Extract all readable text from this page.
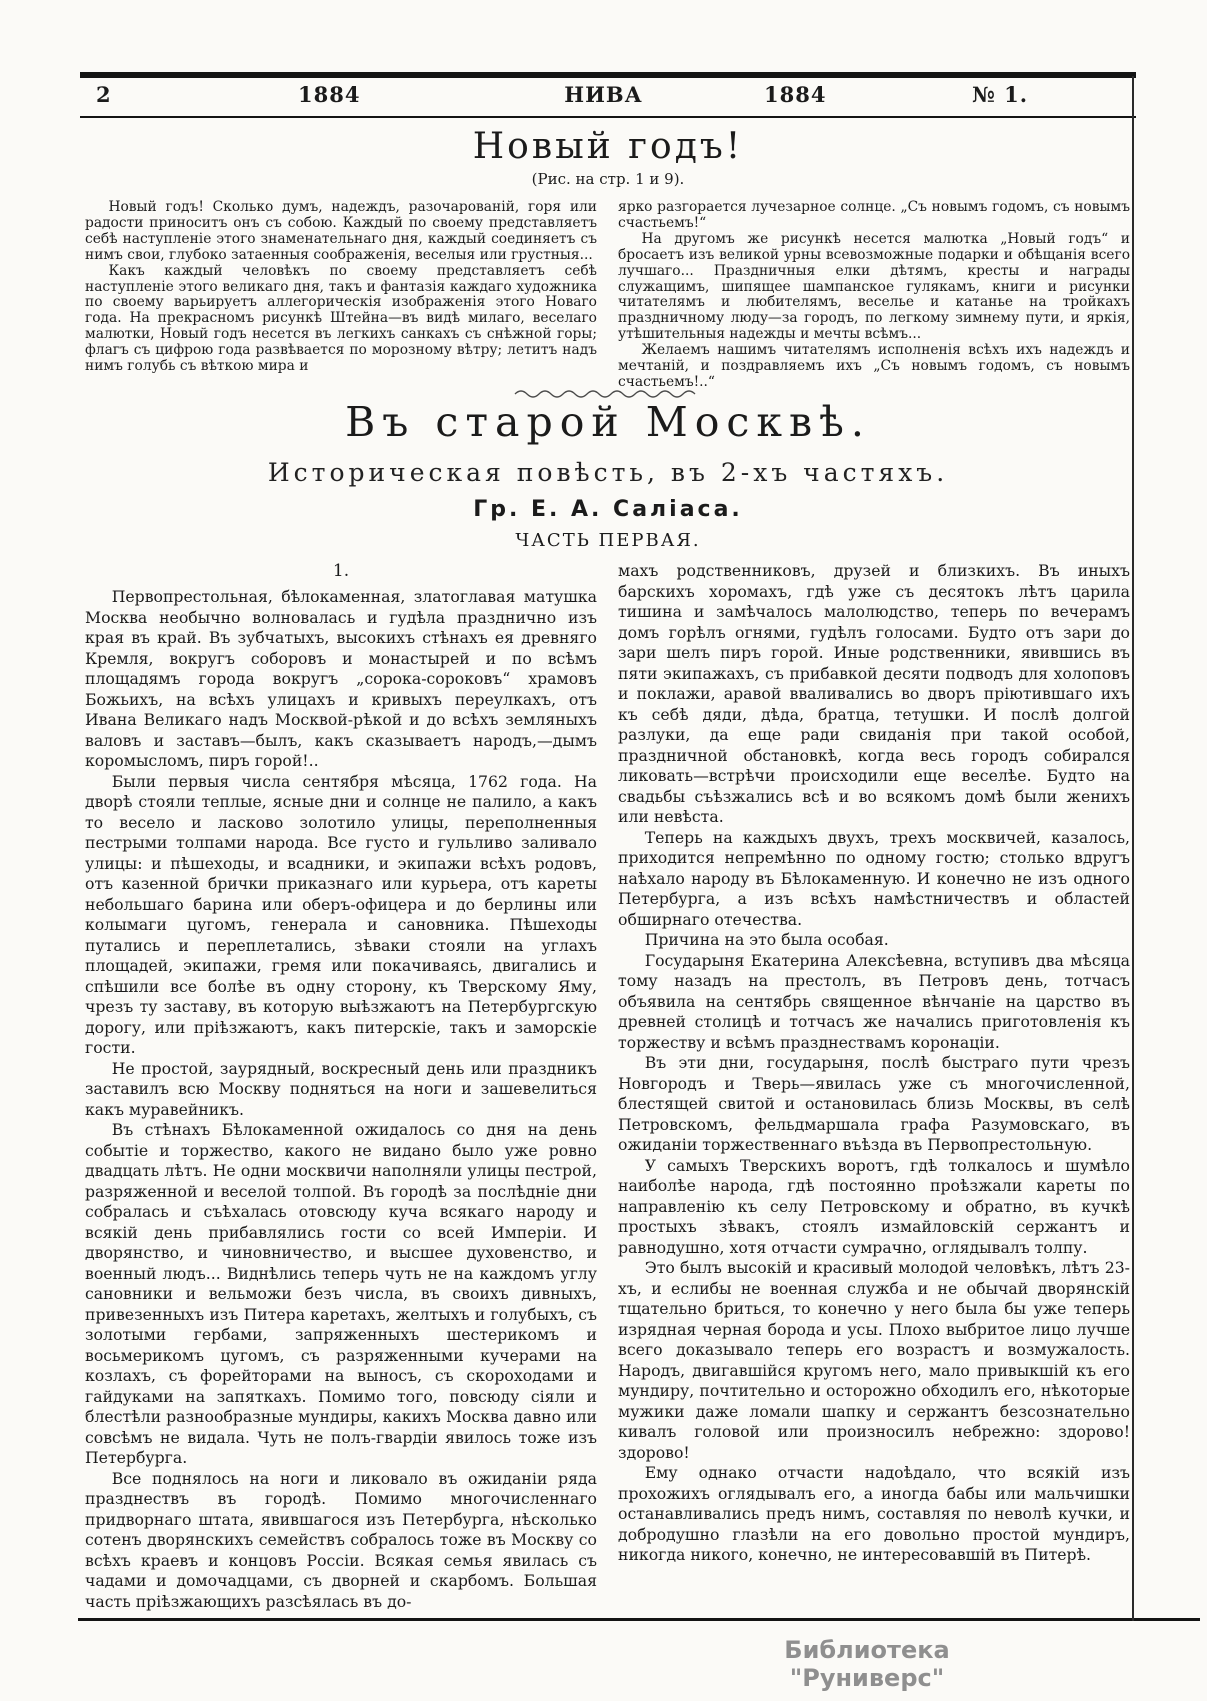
2	1884	НИВА	1884	№ 1.
Новый годъ!
(Рис. на стр. 1 и 9).

Новый годъ! Сколько думъ, надеждъ, разочарованій, горя или радости приноситъ онъ съ собою. Каждый по своему представляетъ себѣ наступленіе этого знаменательнаго дня, каждый соединяетъ съ нимъ свои, глубоко затаенныя соображенія, веселыя или грустныя...

Какъ каждый человѣкъ по своему представляетъ себѣ наступленіе этого великаго дня, такъ и фантазія каждаго художника по своему варьируетъ аллегорическія изображенія этого Новаго года. На прекрасномъ рисункѣ Штейна—въ видѣ милаго, веселаго малютки, Новый годъ несется въ легкихъ санкахъ съ снѣжной горы; флагъ съ цифрою года развѣвается по морозному вѣтру; летитъ надъ нимъ голубь съ вѣткою мира и

ярко разгорается лучезарное солнце. „Съ новымъ годомъ, съ новымъ счастьемъ!“

На другомъ же рисункѣ несется малютка „Новый годъ“ и бросаетъ изъ великой урны всевозможные подарки и обѣщанія всего лучшаго... Праздничныя елки дѣтямъ, кресты и награды служащимъ, шипящее шампанское гулякамъ, книги и рисунки читателямъ и любителямъ, веселье и катанье на тройкахъ праздничному люду—за городъ, по легкому зимнему пути, и яркія, утѣшительныя надежды и мечты всѣмъ...

Желаемъ нашимъ читателямъ исполненія всѣхъ ихъ надеждъ и мечтаній, и поздравляемъ ихъ „Съ новымъ годомъ, съ новымъ счастьемъ!..“

Въ старой Москвѣ.
Историческая повѣсть, въ 2-хъ частяхъ.
Гр. Е. А. Саліаса.
ЧАСТЬ ПЕРВАЯ.
1.

Первопрестольная, бѣлокаменная, златоглавая матушка Москва необычно волновалась и гудѣла празднично изъ края въ край. Въ зубчатыхъ, высокихъ стѣнахъ ея древняго Кремля, вокругъ соборовъ и монастырей и по всѣмъ площадямъ города вокругъ „сорока-сороковъ“ храмовъ Божьихъ, на всѣхъ улицахъ и кривыхъ переулкахъ, отъ Ивана Великаго надъ Москвой-рѣкой и до всѣхъ земляныхъ валовъ и заставъ—былъ, какъ сказываетъ народъ,—дымъ коромысломъ, пиръ горой!..

Были первыя числа сентября мѣсяца, 1762 года. На дворѣ стояли теплые, ясные дни и солнце не палило, а какъ то весело и ласково золотило улицы, переполненныя пестрыми толпами народа. Все густо и гульливо заливало улицы: и пѣшеходы, и всадники, и экипажи всѣхъ родовъ, отъ казенной брички приказнаго или курьера, отъ кареты небольшаго барина или оберъ-офицера и до берлины или колымаги цугомъ, генерала и сановника. Пѣшеходы путались и переплетались, зѣваки стояли на углахъ площадей, экипажи, гремя или покачиваясь, двигались и спѣшили все болѣе въ одну сторону, къ Тверскому Яму, чрезъ ту заставу, въ которую выѣзжаютъ на Петербургскую дорогу, или пріѣзжаютъ, какъ питерскіе, такъ и заморскіе гости.

Не простой, заурядный, воскресный день или праздникъ заставилъ всю Москву подняться на ноги и зашевелиться какъ муравейникъ.

Въ стѣнахъ Бѣлокаменной ожидалось со дня на день событіе и торжество, какого не видано было уже ровно двадцать лѣтъ. Не одни москвичи наполняли улицы пестрой, разряженной и веселой толпой. Въ городѣ за послѣдніе дни собралась и съѣхалась отовсюду куча всякаго народу и всякій день прибавлялись гости со всей Имперіи. И дворянство, и чиновничество, и высшее духовенство, и военный людъ... Виднѣлись теперь чуть не на каждомъ углу сановники и вельможи безъ числа, въ своихъ дивныхъ, привезенныхъ изъ Питера каретахъ, желтыхъ и голубыхъ, съ золотыми гербами, запряженныхъ шестерикомъ и восьмерикомъ цугомъ, съ разряженными кучерами на козлахъ, съ форейторами на выносъ, съ скороходами и гайдуками на запяткахъ. Помимо того, повсюду сіяли и блестѣли разнообразные мундиры, какихъ Москва давно или совсѣмъ не видала. Чуть не полъ-гвардіи явилось тоже изъ Петербурга.

Все поднялось на ноги и ликовало въ ожиданіи ряда празднествъ въ городѣ. Помимо многочисленнаго придворнаго штата, явившагося изъ Петербурга, нѣсколько сотенъ дворянскихъ семействъ собралось тоже въ Москву со всѣхъ краевъ и концовъ Россіи. Всякая семья явилась съ чадами и домочадцами, съ дворней и скарбомъ. Большая часть пріѣзжающихъ разсѣялась въ до-

махъ родственниковъ, друзей и близкихъ. Въ иныхъ барскихъ хоромахъ, гдѣ уже съ десятокъ лѣтъ царила тишина и замѣчалось малолюдство, теперь по вечерамъ домъ горѣлъ огнями, гудѣлъ голосами. Будто отъ зари до зари шелъ пиръ горой. Иные родственники, явившись въ пяти экипажахъ, съ прибавкой десяти подводъ для холоповъ и поклажи, аравой вваливались во дворъ пріютившаго ихъ къ себѣ дяди, дѣда, братца, тетушки. И послѣ долгой разлуки, да еще ради свиданія при такой особой, праздничной обстановкѣ, когда весь городъ собирался ликовать—встрѣчи происходили еще веселѣе. Будто на свадьбы съѣзжались всѣ и во всякомъ домѣ были женихъ или невѣста.

Теперь на каждыхъ двухъ, трехъ москвичей, казалось, приходится непремѣнно по одному гостю; столько вдругъ наѣхало народу въ Бѣлокаменную. И конечно не изъ одного Петербурга, а изъ всѣхъ намѣстничествъ и областей обширнаго отечества.

Причина на это была особая.

Государыня Екатерина Алексѣевна, вступивъ два мѣсяца тому назадъ на престолъ, въ Петровъ день, тотчасъ объявила на сентябрь священное вѣнчаніе на царство въ древней столицѣ и тотчасъ же начались приготовленія къ торжеству и всѣмъ празднествамъ коронаціи.

Въ эти дни, государыня, послѣ быстраго пути чрезъ Новгородъ и Тверь—явилась уже съ многочисленной, блестящей свитой и остановилась близь Москвы, въ селѣ Петровскомъ, фельдмаршала графа Разумовскаго, въ ожиданіи торжественнаго въѣзда въ Первопрестольную.

У самыхъ Тверскихъ воротъ, гдѣ толкалось и шумѣло наиболѣе народа, гдѣ постоянно проѣзжали кареты по направленію къ селу Петровскому и обратно, въ кучкѣ простыхъ зѣвакъ, стоялъ измайловскій сержантъ и равнодушно, хотя отчасти сумрачно, оглядывалъ толпу.

Это былъ высокій и красивый молодой человѣкъ, лѣтъ 23-хъ, и еслибы не военная служба и не обычай дворянскій тщательно бриться, то конечно у него была бы уже теперь изрядная черная борода и усы. Плохо выбритое лицо лучше всего доказывало теперь его возрастъ и возмужалость. Народъ, двигавшійся кругомъ него, мало привыкшій къ его мундиру, почтительно и осторожно обходилъ его, нѣкоторые мужики даже ломали шапку и сержантъ безсознательно кивалъ головой или произносилъ небрежно: здорово! здорово!

Ему однако отчасти надоѣдало, что всякій изъ прохожихъ оглядывалъ его, а иногда бабы или мальчишки останавливались предъ нимъ, составляя по неволѣ кучки, и добродушно глазѣли на его довольно простой мундиръ, никогда никого, конечно, не интересовавшій въ Питерѣ.

Библиотека "Руниверс"
